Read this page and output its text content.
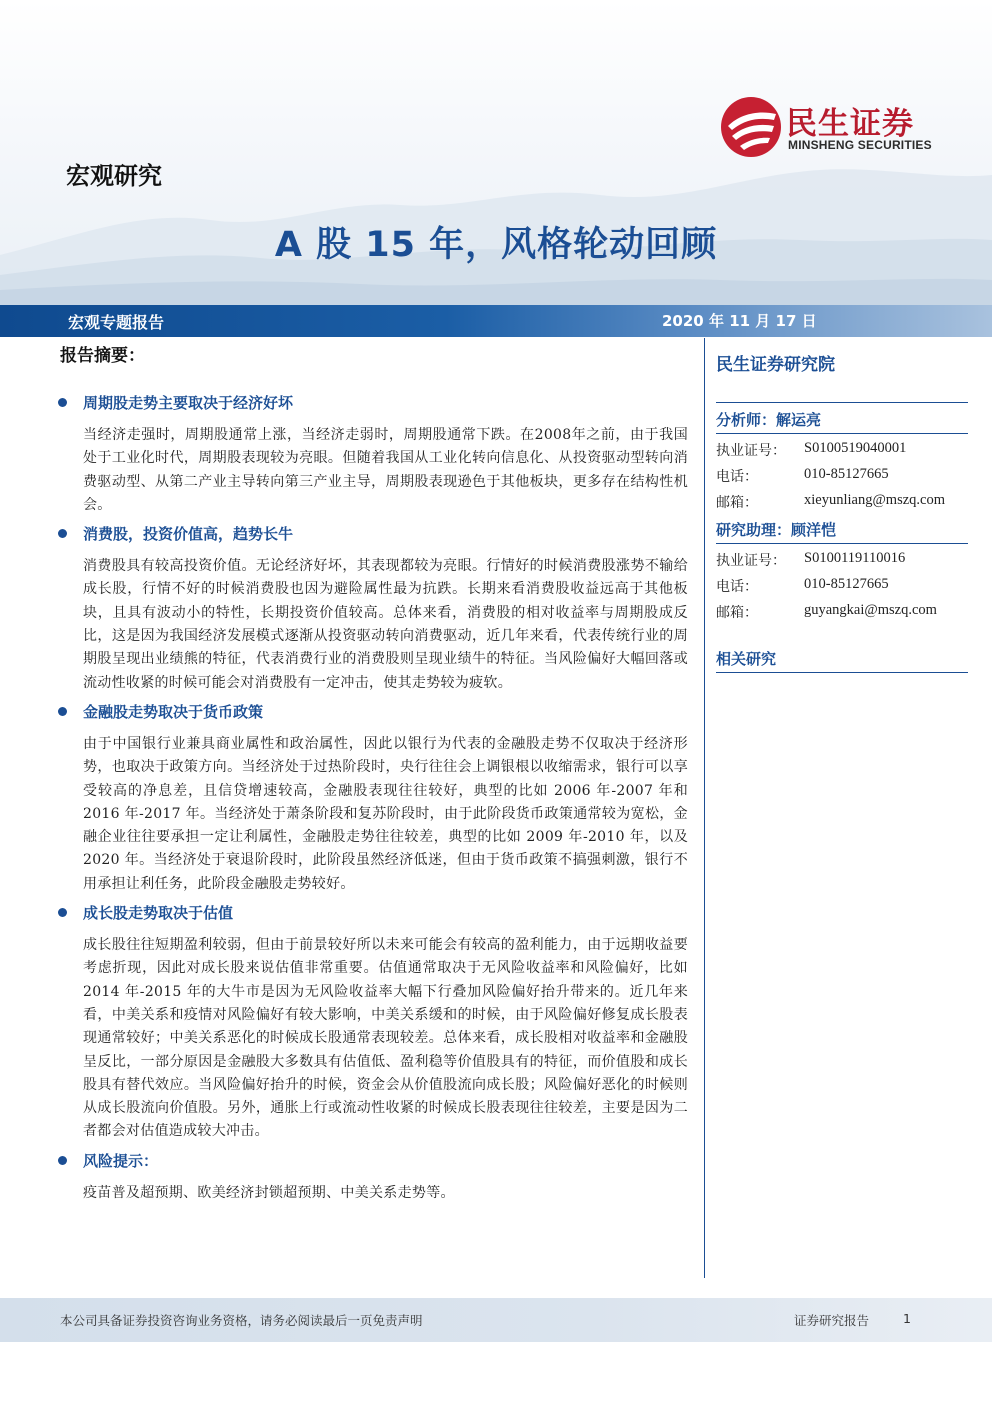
民生证券
MINSHENG SECURITIES
宏观研究
A 股 15 年，风格轮动回顾
宏观专题报告	2020 年 11 月 17 日
报告摘要：
周期股走势主要取决于经济好坏
当经济走强时，周期股通常上涨，当经济走弱时，周期股通常下跌。在2008年之前，由于我国处于工业化时代，周期股表现较为亮眼。但随着我国从工业化转向信息化、从投资驱动型转向消费驱动型、从第二产业主导转向第三产业主导，周期股表现逊色于其他板块，更多存在结构性机会。
消费股，投资价值高，趋势长牛
消费股具有较高投资价值。无论经济好坏，其表现都较为亮眼。行情好的时候消费股涨势不输给成长股，行情不好的时候消费股也因为避险属性最为抗跌。长期来看消费股收益远高于其他板块，且具有波动小的特性，长期投资价值较高。总体来看，消费股的相对收益率与周期股成反比，这是因为我国经济发展模式逐渐从投资驱动转向消费驱动，近几年来看，代表传统行业的周期股呈现出业绩熊的特征，代表消费行业的消费股则呈现业绩牛的特征。当风险偏好大幅回落或流动性收紧的时候可能会对消费股有一定冲击，使其走势较为疲软。
金融股走势取决于货币政策
由于中国银行业兼具商业属性和政治属性，因此以银行为代表的金融股走势不仅取决于经济形势，也取决于政策方向。当经济处于过热阶段时，央行往往会上调银根以收缩需求，银行可以享受较高的净息差，且信贷增速较高，金融股表现往往较好，典型的比如 2006 年-2007 年和 2016 年-2017 年。当经济处于萧条阶段和复苏阶段时，由于此阶段货币政策通常较为宽松，金融企业往往要承担一定让利属性，金融股走势往往较差，典型的比如 2009 年-2010 年，以及 2020 年。当经济处于衰退阶段时，此阶段虽然经济低迷，但由于货币政策不搞强刺激，银行不用承担让利任务，此阶段金融股走势较好。
成长股走势取决于估值
成长股往往短期盈利较弱，但由于前景较好所以未来可能会有较高的盈利能力，由于远期收益要考虑折现，因此对成长股来说估值非常重要。估值通常取决于无风险收益率和风险偏好，比如 2014 年-2015 年的大牛市是因为无风险收益率大幅下行叠加风险偏好抬升带来的。近几年来看，中美关系和疫情对风险偏好有较大影响，中美关系缓和的时候，由于风险偏好修复成长股表现通常较好；中美关系恶化的时候成长股通常表现较差。总体来看，成长股相对收益率和金融股呈反比，一部分原因是金融股大多数具有估值低、盈利稳等价值股具有的特征，而价值股和成长股具有替代效应。当风险偏好抬升的时候，资金会从价值股流向成长股；风险偏好恶化的时候则从成长股流向价值股。另外，通胀上行或流动性收紧的时候成长股表现往往较差，主要是因为二者都会对估值造成较大冲击。
风险提示：
疫苗普及超预期、欧美经济封锁超预期、中美关系走势等。
民生证券研究院
分析师：解运亮
执业证号：	S0100519040001
电话：	010-85127665
邮箱：	xieyunliang@mszq.com
研究助理：顾洋恺
执业证号：	S0100119110016
电话：	010-85127665
邮箱：	guyangkai@mszq.com
相关研究
本公司具备证券投资咨询业务资格，请务必阅读最后一页免责声明	证券研究报告	1
